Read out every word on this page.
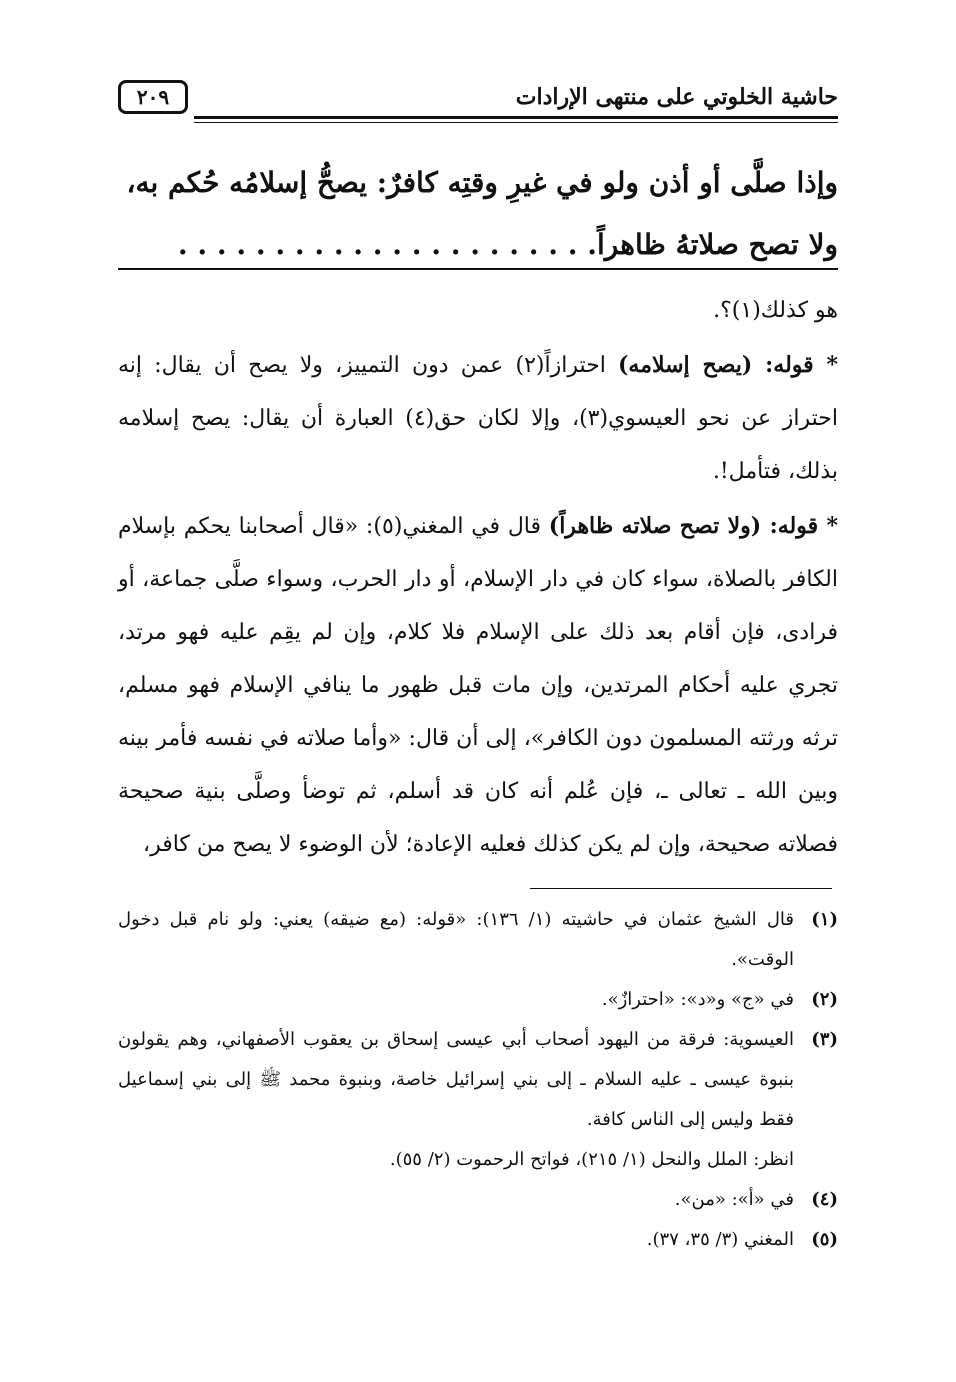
٢٠٩	حاشية الخلوتي على منتهى الإرادات

وإذا صلَّى أو أذن ولو في غيرِ وقتِه كافرٌ: يصحُّ إسلامُه حُكم به،

ولا تصح صلاتهُ ظاهراً. . . . . . . . . . . . . . . . . . . . . .

هو كذلك(١)؟.

* قوله: (يصح إسلامه) احترازاً(٢) عمن دون التمييز، ولا يصح أن يقال: إنه احتراز عن نحو العيسوي(٣)، وإلا لكان حق(٤) العبارة أن يقال: يصح إسلامه بذلك، فتأمل!.

* قوله: (ولا تصح صلاته ظاهراً) قال في المغني(٥): «قال أصحابنا يحكم بإسلام الكافر بالصلاة، سواء كان في دار الإسلام، أو دار الحرب، وسواء صلَّى جماعة، أو فرادى، فإن أقام بعد ذلك على الإسلام فلا كلام، وإن لم يقِم عليه فهو مرتد، تجري عليه أحكام المرتدين، وإن مات قبل ظهور ما ينافي الإسلام فهو مسلم، ترثه ورثته المسلمون دون الكافر»، إلى أن قال: «وأما صلاته في نفسه فأمر بينه وبين الله ـ تعالى ـ، فإن عُلم أنه كان قد أسلم، ثم توضأ وصلَّى بنية صحيحة فصلاته صحيحة، وإن لم يكن كذلك فعليه الإعادة؛ لأن الوضوء لا يصح من كافر،

(١)
قال الشيخ عثمان في حاشيته (١/ ١٣٦): «قوله: (مع ضيقه) يعني: ولو نام قبل دخول الوقت».
(٢)
في «ج» و«د»: «احترازٌ».
(٣)
العيسوية: فرقة من اليهود أصحاب أبي عيسى إسحاق بن يعقوب الأصفهاني، وهم يقولون بنبوة عيسى ـ عليه السلام ـ إلى بني إسرائيل خاصة، وبنبوة محمد ﷺ إلى بني إسماعيل فقط وليس إلى الناس كافة.

انظر: الملل والنحل (١/ ٢١٥)، فواتح الرحموت (٢/ ٥٥).

(٤)
في «أ»: «من».
(٥)
المغني (٣/ ٣٥، ٣٧).
